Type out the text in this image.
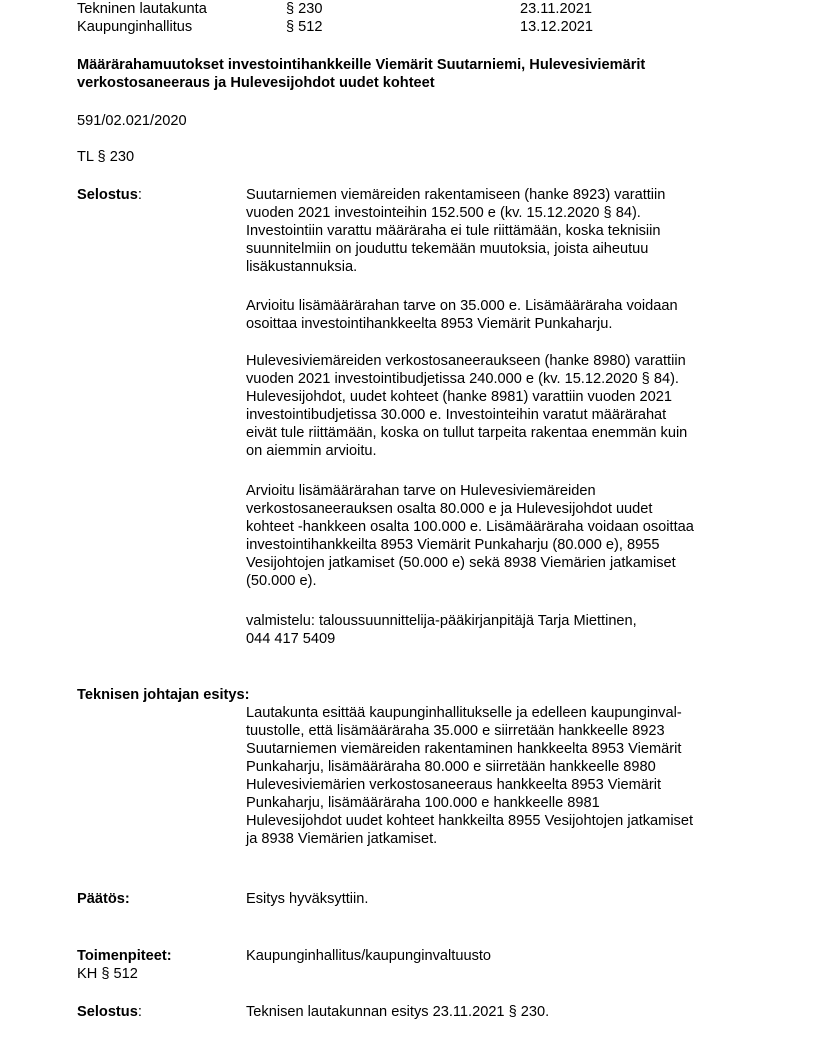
Tekninen lautakunta	§ 230	23.11.2021
Kaupunginhallitus	§ 512	13.12.2021

Määrärahamuutokset investointihankkeille Viemärit Suutarniemi, Hulevesiviemärit

verkostosaneeraus ja Hulevesijohdot uudet kohteet

591/02.021/2020
TL § 230
Selostus:	Suutarniemen viemäreiden rakentamiseen (hanke 8923) varattiin

vuoden 2021 investointeihin 152.500 e (kv. 15.12.2020 § 84).

Investointiin varattu määräraha ei tule riittämään, koska teknisiin

suunnitelmiin on jouduttu tekemään muutoksia, joista aiheutuu

lisäkustannuksia.

Arvioitu lisämäärärahan tarve on 35.000 e. Lisämääräraha voidaan

osoittaa investointihankkeelta 8953 Viemärit Punkaharju.

Hulevesiviemäreiden verkostosaneeraukseen (hanke 8980) varattiin

vuoden 2021 investointibudjetissa 240.000 e (kv. 15.12.2020 § 84).

Hulevesijohdot, uudet kohteet (hanke 8981) varattiin vuoden 2021

investointibudjetissa 30.000 e. Investointeihin varatut määrärahat

eivät tule riittämään, koska on tullut tarpeita rakentaa enemmän kuin

on aiemmin arvioitu.

Arvioitu lisämäärärahan tarve on Hulevesiviemäreiden

verkostosaneerauksen osalta 80.000 e ja Hulevesijohdot uudet

kohteet -hankkeen osalta 100.000 e. Lisämääräraha voidaan osoittaa

investointihankkeilta 8953 Viemärit Punkaharju (80.000 e), 8955

Vesijohtojen jatkamiset (50.000 e) sekä 8938 Viemärien jatkamiset

(50.000 e).

valmistelu: taloussuunnittelija-pääkirjanpitäjä Tarja Miettinen,

044 417 5409

Teknisen johtajan esitys:

Lautakunta esittää kaupunginhallitukselle ja edelleen kaupunginval-

tuustolle, että lisämääräraha 35.000 e siirretään hankkeelle 8923

Suutarniemen viemäreiden rakentaminen hankkeelta 8953 Viemärit

Punkaharju, lisämääräraha 80.000 e siirretään hankkeelle 8980

Hulevesiviemärien verkostosaneeraus hankkeelta 8953 Viemärit

Punkaharju, lisämääräraha 100.000 e hankkeelle 8981

Hulevesijohdot uudet kohteet hankkeilta 8955 Vesijohtojen jatkamiset

ja 8938 Viemärien jatkamiset.

Päätös:	Esitys hyväksyttiin.
Toimenpiteet:	Kaupunginhallitus/kaupunginvaltuusto
KH § 512
Selostus:	Teknisen lautakunnan esitys 23.11.2021 § 230.
